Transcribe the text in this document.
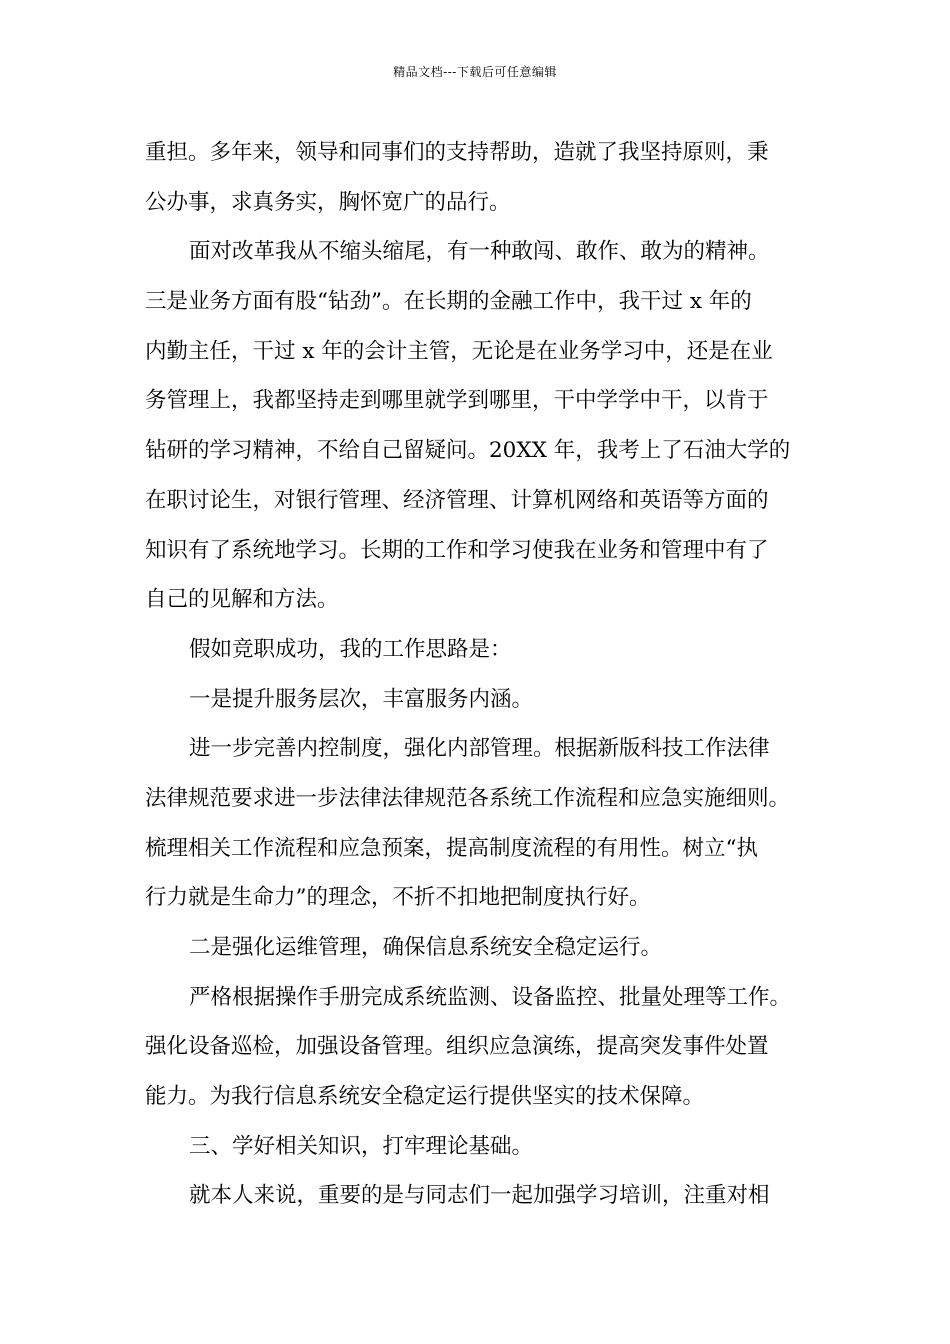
精品文档---下载后可任意编辑
重担。多年来，领导和同事们的支持帮助，造就了我坚持原则，秉
公办事，求真务实，胸怀宽广的品行。
面对改革我从不缩头缩尾，有一种敢闯、敢作、敢为的精神。
三是业务方面有股“钻劲”。在长期的金融工作中，我干过 x 年的
内勤主任，干过 x 年的会计主管，无论是在业务学习中，还是在业
务管理上，我都坚持走到哪里就学到哪里，干中学学中干，以肯于
钻研的学习精神，不给自己留疑问。20XX 年，我考上了石油大学的
在职讨论生，对银行管理、经济管理、计算机网络和英语等方面的
知识有了系统地学习。长期的工作和学习使我在业务和管理中有了
自己的见解和方法。
假如竞职成功，我的工作思路是：
一是提升服务层次，丰富服务内涵。
进一步完善内控制度，强化内部管理。根据新版科技工作法律
法律规范要求进一步法律法律规范各系统工作流程和应急实施细则。
梳理相关工作流程和应急预案，提高制度流程的有用性。树立“执
行力就是生命力”的理念，不折不扣地把制度执行好。
二是强化运维管理，确保信息系统安全稳定运行。
严格根据操作手册完成系统监测、设备监控、批量处理等工作。
强化设备巡检，加强设备管理。组织应急演练，提高突发事件处置
能力。为我行信息系统安全稳定运行提供坚实的技术保障。
三、学好相关知识，打牢理论基础。
就本人来说，重要的是与同志们一起加强学习培训，注重对相
